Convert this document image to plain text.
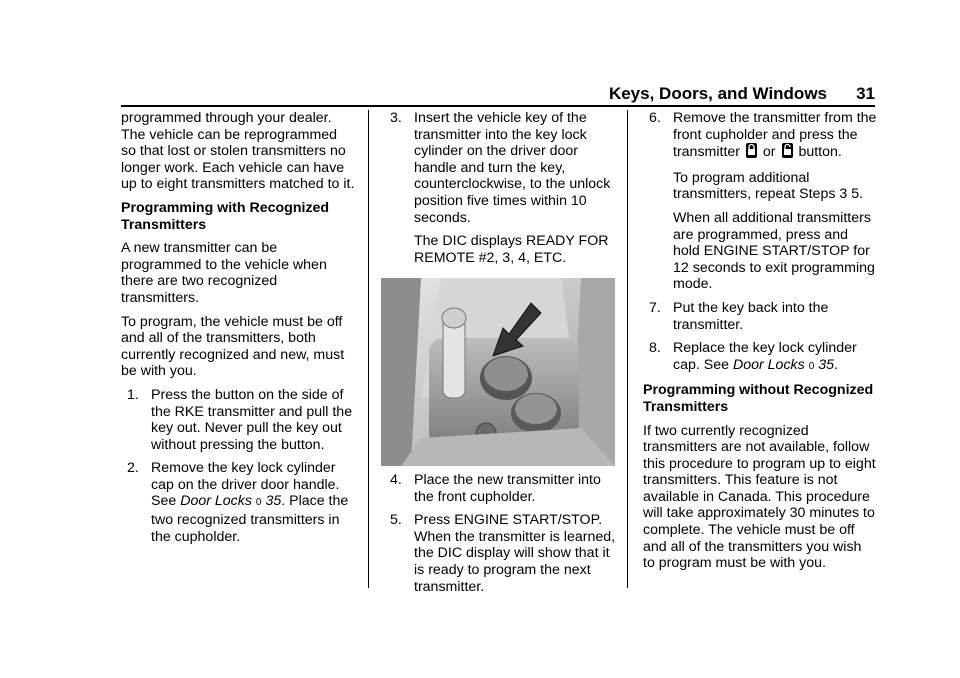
Keys, Doors, and Windows 31

programmed through your dealer. The vehicle can be reprogrammed so that lost or stolen transmitters no longer work. Each vehicle can have up to eight transmitters matched to it.

Programming with Recognized Transmitters

A new transmitter can be programmed to the vehicle when there are two recognized transmitters.

To program, the vehicle must be off and all of the transmitters, both currently recognized and new, must be with you.

1. Press the button on the side of the RKE transmitter and pull the key out. Never pull the key out without pressing the button.
2. Remove the key lock cylinder cap on the driver door handle. See Door Locks 0 35. Place the two recognized transmitters in the cupholder.
3. Insert the vehicle key of the transmitter into the key lock cylinder on the driver door handle and turn the key, counterclockwise, to the unlock position five times within 10 seconds.

The DIC displays READY FOR REMOTE #2, 3, 4, ETC.

4. Place the new transmitter into the front cupholder.
5. Press ENGINE START/STOP. When the transmitter is learned, the DIC display will show that it is ready to program the next transmitter.
6. Remove the transmitter from the front cupholder and press the transmitter or button.

To program additional transmitters, repeat Steps 3 5.

When all additional transmitters are programmed, press and hold ENGINE START/STOP for 12 seconds to exit programming mode.

7. Put the key back into the transmitter.
8. Replace the key lock cylinder cap. See Door Locks 0 35.

Programming without Recognized Transmitters

If two currently recognized transmitters are not available, follow this procedure to program up to eight transmitters. This feature is not available in Canada. This procedure will take approximately 30 minutes to complete. The vehicle must be off and all of the transmitters you wish to program must be with you.
